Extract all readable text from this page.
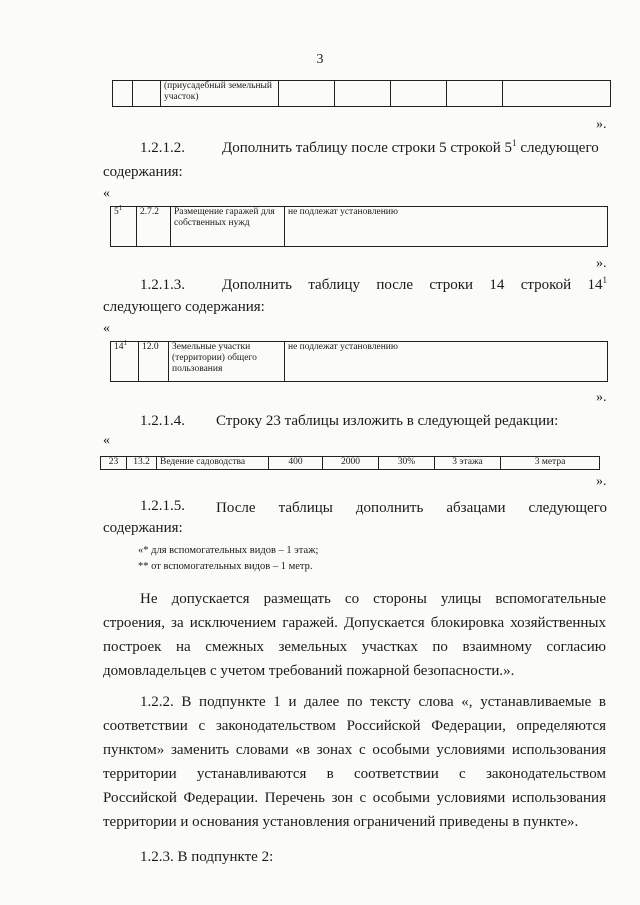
3
		(приусадебный земельный участок)					
».
1.2.1.2. Дополнить таблицу после строки 5 строкой $5^1$ следующего
содержания:
«
$5^1$	2.7.2	Размещение гаражей для собственных нужд	не подлежат установлению
».
1.2.1.3. Дополнить таблицу после строки 14 строкой $14^1$
следующего содержания:
«
$14^1$	12.0	Земельные участки (территории) общего пользования	не подлежат установлению
».
1.2.1.4. Строку 23 таблицы изложить в следующей редакции:
«
23	13.2	Ведение садоводства	400	2000	30%	3 этажа	3 метра
».
1.2.1.5. После таблицы дополнить абзацами следующего
содержания:
«* для вспомогательных видов – 1 этаж;
** от вспомогательных видов – 1 метр.
Не допускается размещать со стороны улицы вспомогательные
строения, за исключением гаражей. Допускается блокировка хозяйственных
построек на смежных земельных участках по взаимному согласию
домовладельцев с учетом требований пожарной безопасности.».
1.2.2. В подпункте 1 и далее по тексту слова «, устанавливаемые в
соответствии с законодательством Российской Федерации, определяются
пунктом» заменить словами «в зонах с особыми условиями использования
территории устанавливаются в соответствии с законодательством
Российской Федерации. Перечень зон с особыми условиями использования
территории и основания установления ограничений приведены в пункте».
1.2.3. В подпункте 2:
